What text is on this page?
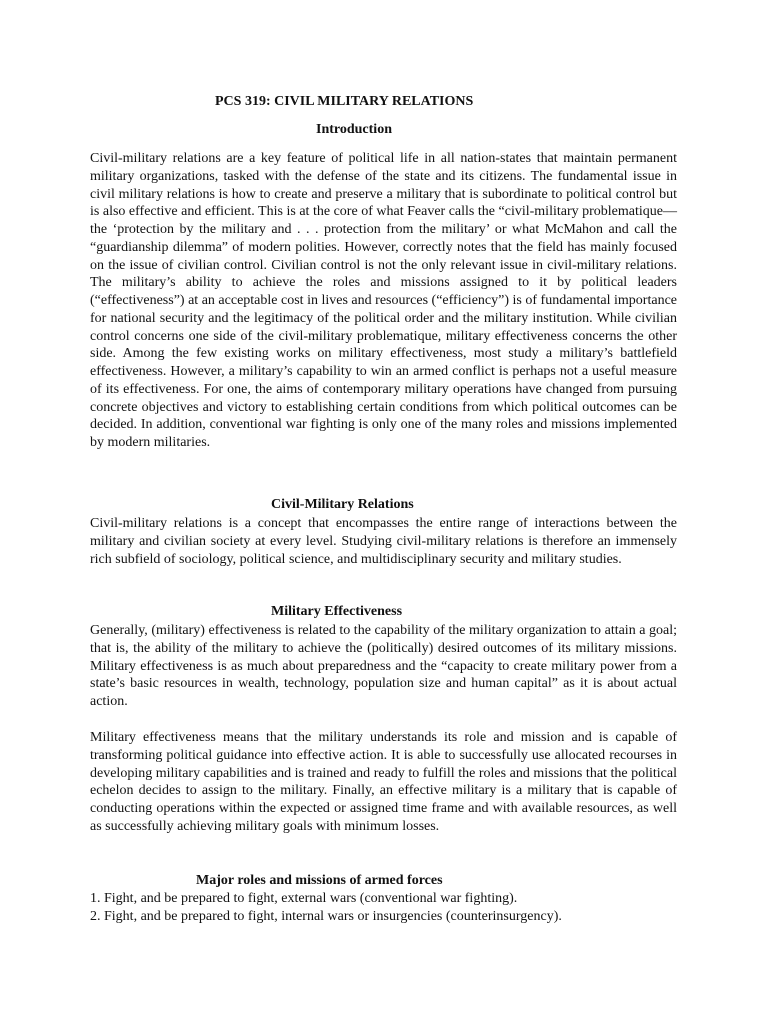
PCS 319: CIVIL MILITARY RELATIONS
Introduction

Civil-military relations are a key feature of political life in all nation-states that maintain permanent military organizations, tasked with the defense of the state and its citizens. The fundamental issue in civil military relations is how to create and preserve a military that is subordinate to political control but is also effective and efficient. This is at the core of what Feaver calls the “civil-military problematique—the ‘protection by the military and . . . protection from the military’ or what McMahon and call the “guardianship dilemma” of modern polities. However, correctly notes that the field has mainly focused on the issue of civilian control. Civilian control is not the only relevant issue in civil-military relations. The military’s ability to achieve the roles and missions assigned to it by political leaders (“effectiveness”) at an acceptable cost in lives and resources (“efficiency”) is of fundamental importance for national security and the legitimacy of the political order and the military institution. While civilian control concerns one side of the civil-military problematique, military effectiveness concerns the other side. Among the few existing works on military effectiveness, most study a military’s battlefield effectiveness. However, a military’s capability to win an armed conflict is perhaps not a useful measure of its effectiveness. For one, the aims of contemporary military operations have changed from pursuing concrete objectives and victory to establishing certain conditions from which political outcomes can be decided. In addition, conventional war fighting is only one of the many roles and missions implemented by modern militaries.

Civil-Military Relations

Civil-military relations is a concept that encompasses the entire range of interactions between the military and civilian society at every level. Studying civil-military relations is therefore an immensely rich subfield of sociology, political science, and multidisciplinary security and military studies.

Military Effectiveness

Generally, (military) effectiveness is related to the capability of the military organization to attain a goal; that is, the ability of the military to achieve the (politically) desired outcomes of its military missions. Military effectiveness is as much about preparedness and the “capacity to create military power from a state’s basic resources in wealth, technology, population size and human capital” as it is about actual action.

Military effectiveness means that the military understands its role and mission and is capable of transforming political guidance into effective action. It is able to successfully use allocated recourses in developing military capabilities and is trained and ready to fulfill the roles and missions that the political echelon decides to assign to the military. Finally, an effective military is a military that is capable of conducting operations within the expected or assigned time frame and with available resources, as well as successfully achieving military goals with minimum losses.

Major roles and missions of armed forces
1. Fight, and be prepared to fight, external wars (conventional war fighting).
2. Fight, and be prepared to fight, internal wars or insurgencies (counterinsurgency).
